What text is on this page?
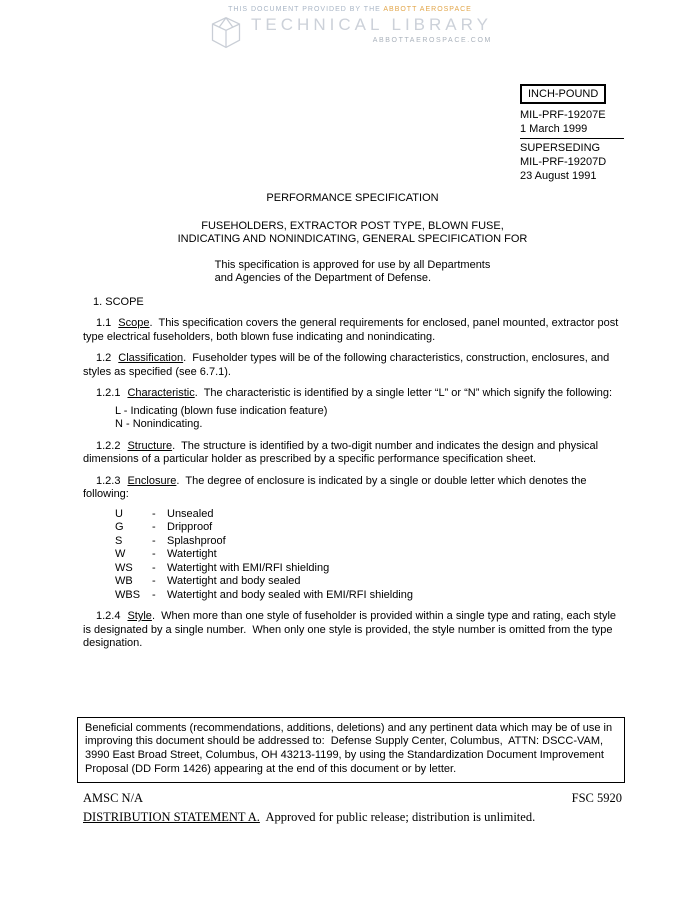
THIS DOCUMENT PROVIDED BY THE ABBOTT AEROSPACE
TECHNICAL LIBRARY
ABBOTTAEROSPACE.COM
INCH-POUND
MIL-PRF-19207E
1 March 1999
SUPERSEDING
MIL-PRF-19207D
23 August 1991
PERFORMANCE SPECIFICATION
FUSEHOLDERS, EXTRACTOR POST TYPE, BLOWN FUSE,
INDICATING AND NONINDICATING, GENERAL SPECIFICATION FOR
This specification is approved for use by all Departments
and Agencies of the Department of Defense.
1. SCOPE

1.1 Scope.  This specification covers the general requirements for enclosed, panel mounted, extractor post type electrical fuseholders, both blown fuse indicating and nonindicating.

1.2 Classification.  Fuseholder types will be of the following characteristics, construction, enclosures, and styles as specified (see 6.7.1).

1.2.1 Characteristic.  The characteristic is identified by a single letter “L” or “N” which signify the following:

L - Indicating (blown fuse indication feature)
N - Nonindicating.

1.2.2 Structure.  The structure is identified by a two-digit number and indicates the design and physical dimensions of a particular holder as prescribed by a specific performance specification sheet.

1.2.3 Enclosure.  The degree of enclosure is indicated by a single or double letter which denotes the following:

U	-	Unsealed
G	-	Dripproof
S	-	Splashproof
W	-	Watertight
WS	-	Watertight with EMI/RFI shielding
WB	-	Watertight and body sealed
WBS	-	Watertight and body sealed with EMI/RFI shielding

1.2.4 Style.  When more than one style of fuseholder is provided within a single type and rating, each style is designated by a single number.  When only one style is provided, the style number is omitted from the type designation.

Beneficial comments (recommendations, additions, deletions) and any pertinent data which may be of use in improving this document should be addressed to:  Defense Supply Center, Columbus,  ATTN: DSCC-VAM, 3990 East Broad Street, Columbus, OH 43213-1199, by using the Standardization Document Improvement Proposal (DD Form 1426) appearing at the end of this document or by letter.
AMSC N/A	FSC 5920
DISTRIBUTION STATEMENT A.  Approved for public release; distribution is unlimited.
